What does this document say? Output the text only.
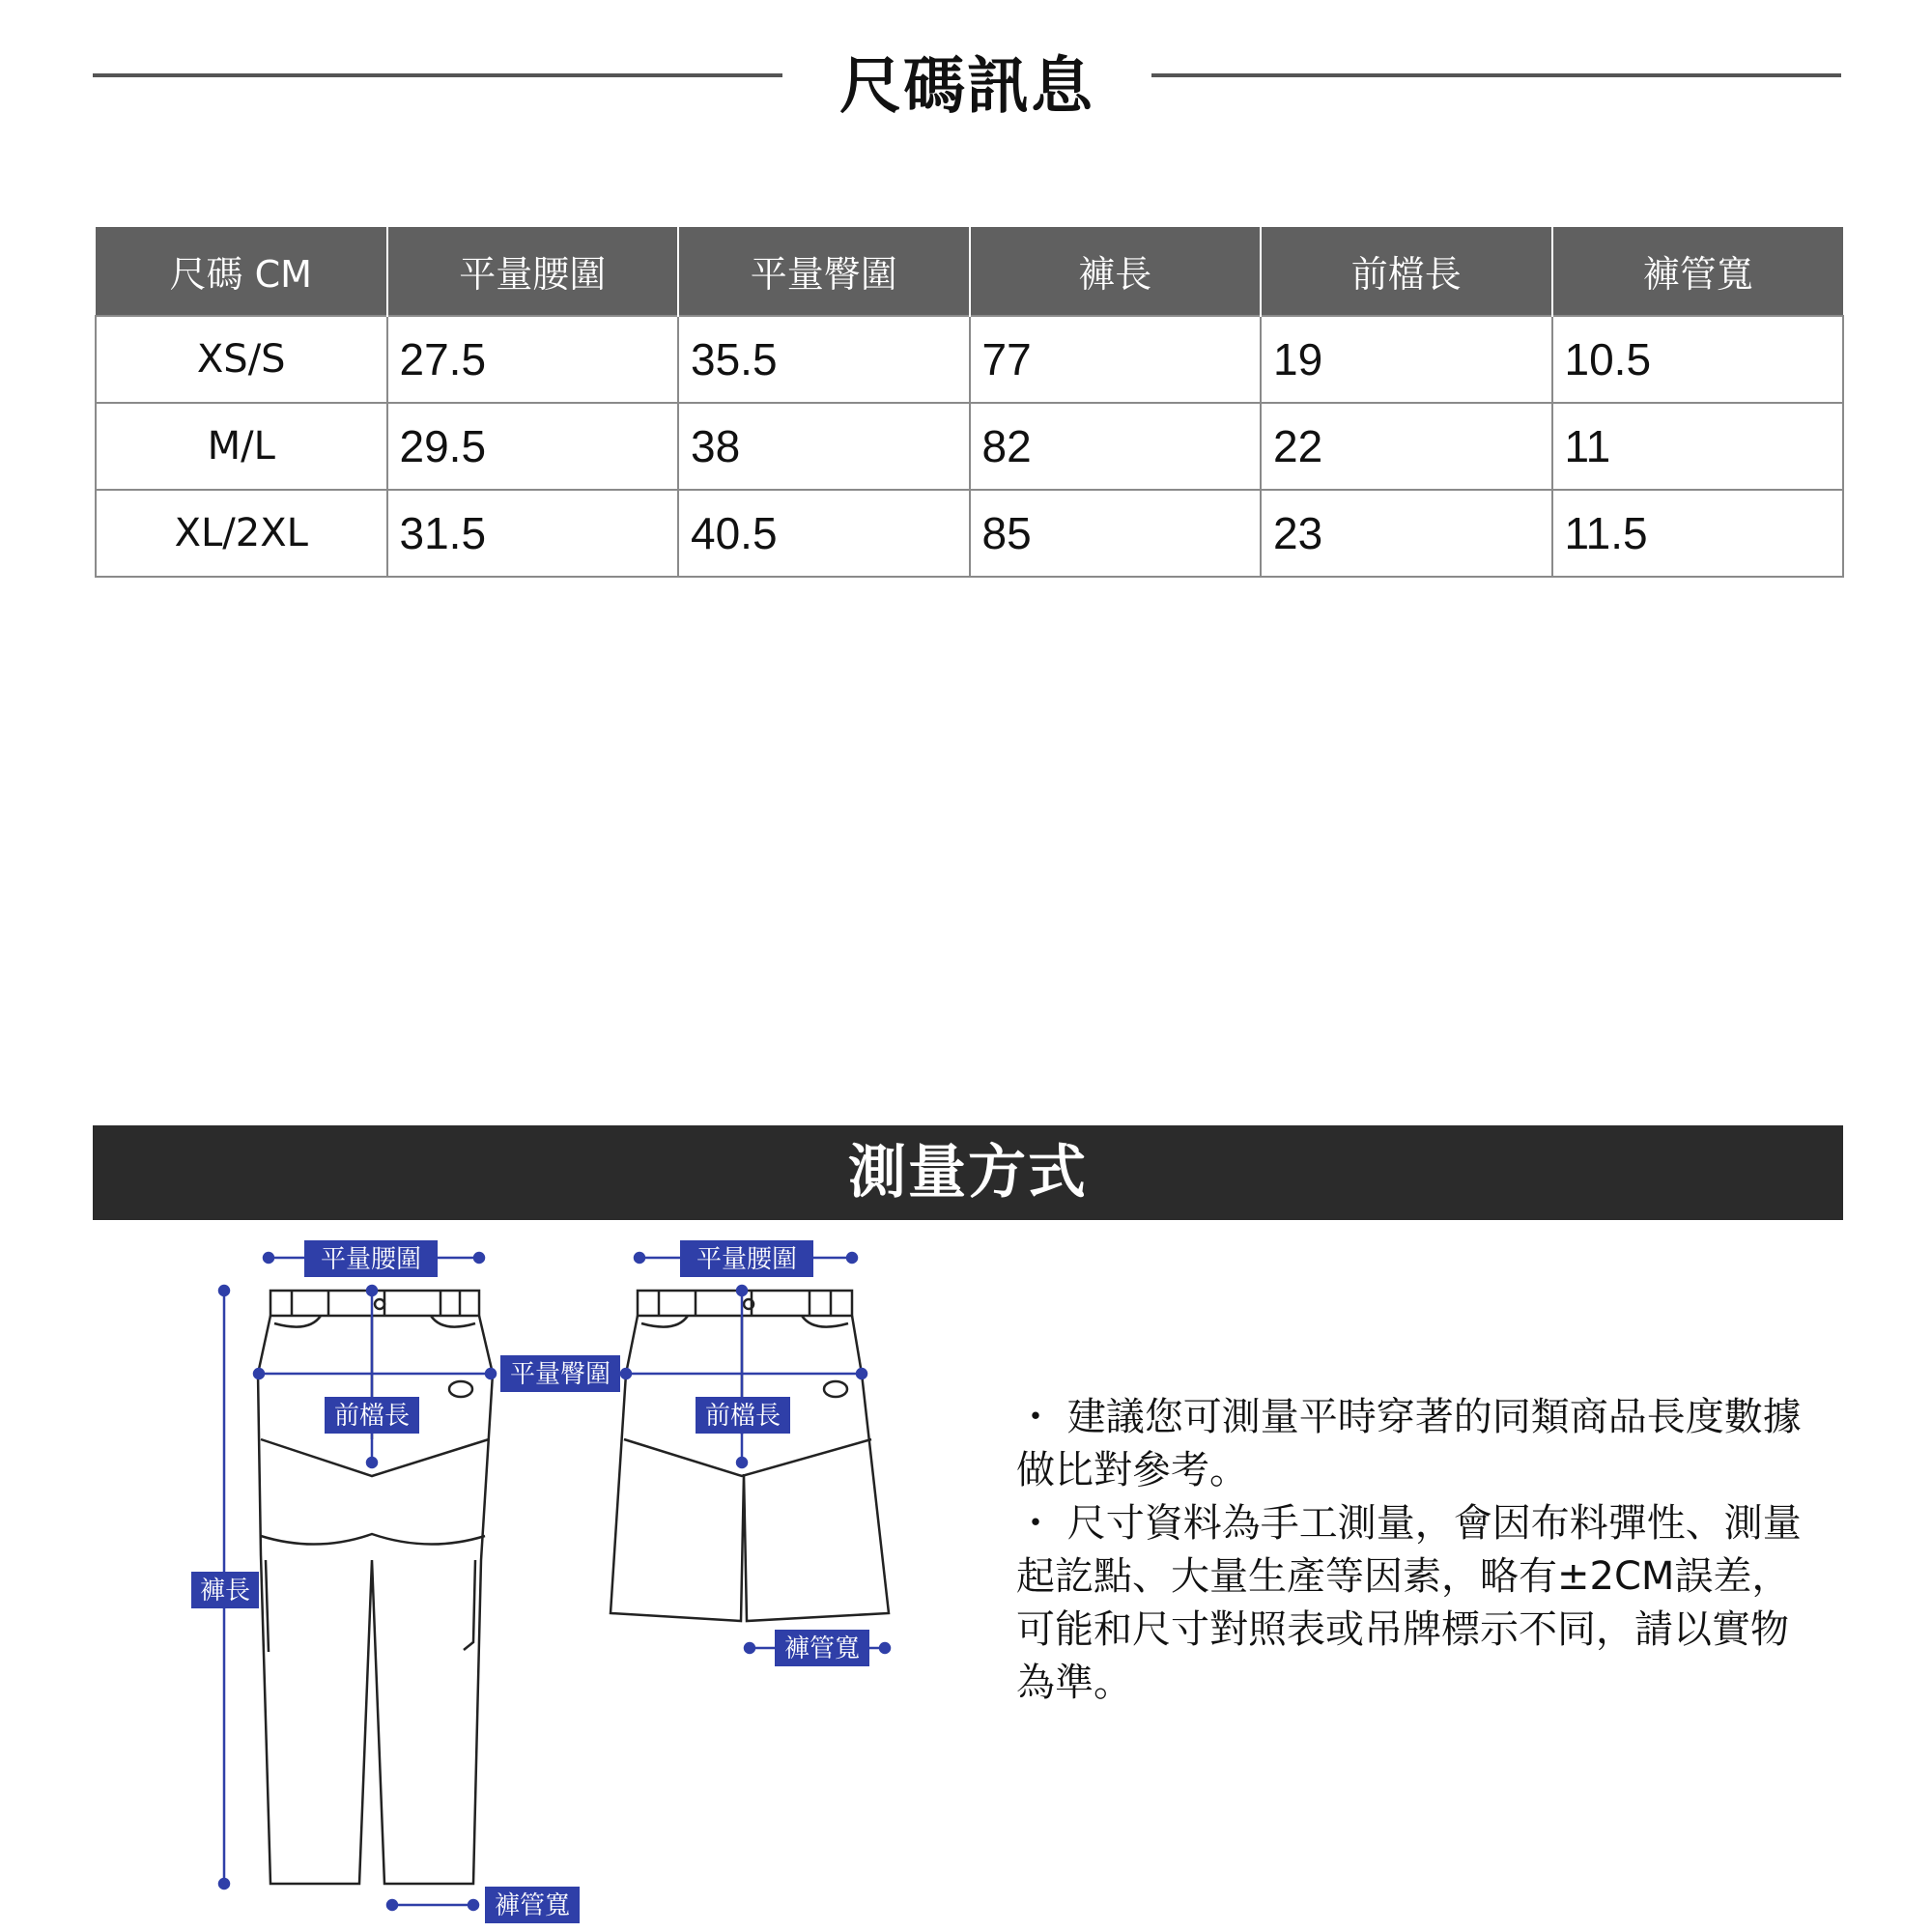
尺碼訊息
尺碼 CM	平量腰圍	平量臀圍	褲長	前檔長	褲管寬
XS/S	27.5	35.5	77	19	10.5
M/L	29.5	38	82	22	11
XL/2XL	31.5	40.5	85	23	11.5
測量方式
平量腰圍
平量臀圍
前檔長
褲長
褲管寬
平量腰圍
前檔長
褲管寬

・ 建議您可測量平時穿著的同類商品長度數據做比對參考。

・ 尺寸資料為手工測量，會因布料彈性、測量起訖點、大量生產等因素，略有±2CM誤差，可能和尺寸對照表或吊牌標示不同，請以實物為準。
